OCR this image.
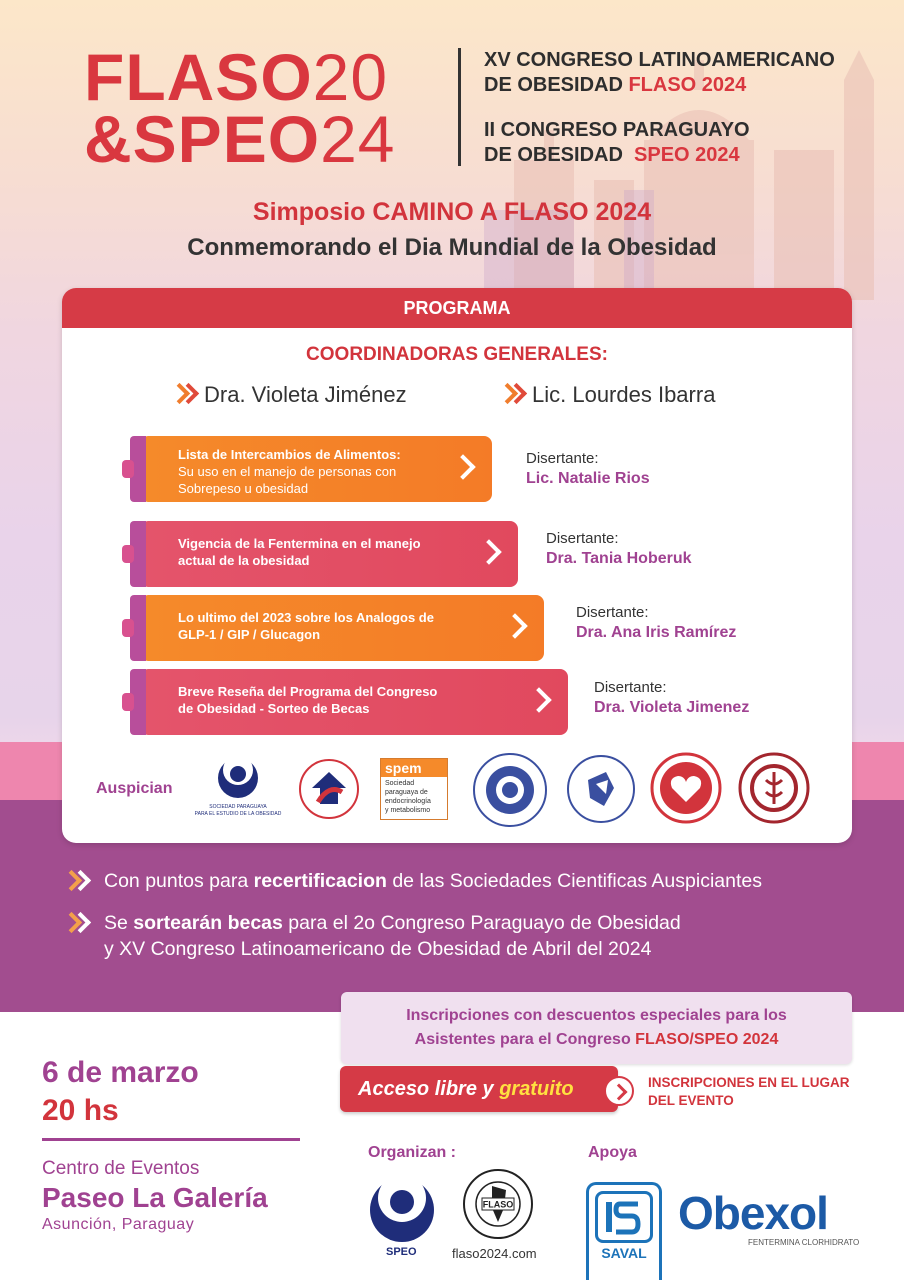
FLASO20
&SPEO24
XV CONGRESO LATINOAMERICANO
DE OBESIDAD FLASO 2024
II CONGRESO PARAGUAYO
DE OBESIDAD SPEO 2024
Simposio CAMINO A FLASO 2024
Conmemorando el Dia Mundial de la Obesidad
PROGRAMA
COORDINADORAS GENERALES:
Dra. Violeta Jiménez	Lic. Lourdes Ibarra
Lista de Intercambios de Alimentos:
Su uso en el manejo de personas con
Sobrepeso u obesidad
Disertante:
Lic. Natalie Rios
Vigencia de la Fentermina en el manejo
actual de la obesidad
Disertante:
Dra. Tania Hoberuk
Lo ultimo del 2023 sobre los Analogos de
GLP-1 / GIP / Glucagon
Disertante:
Dra. Ana Iris Ramírez
Breve Reseña del Programa del Congreso
de Obesidad - Sorteo de Becas
Disertante:
Dra. Violeta Jimenez
Auspician
SOCIEDAD PARAGUAYA
PARA EL ESTUDIO DE LA OBESIDAD
spem
Sociedad
paraguaya de
endocrinología
y metabolismo
Con puntos para recertificacion de las Sociedades Cientificas Auspiciantes
Se sortearán becas para el 2o Congreso Paraguayo de Obesidad
y XV Congreso Latinoamericano de Obesidad de Abril del 2024
Inscripciones con descuentos especiales para los
Asistentes para el Congreso FLASO/SPEO 2024
Acceso libre y gratuito	INSCRIPCIONES EN EL LUGAR
DEL EVENTO
6 de marzo
20 hs
Centro de Eventos
Paseo La Galería
Asunción, Paraguay
Organizan :
SPEO
FLASO
flaso2024.com
Apoya
SAVAL
Obexol
FENTERMINA CLORHIDRATO
